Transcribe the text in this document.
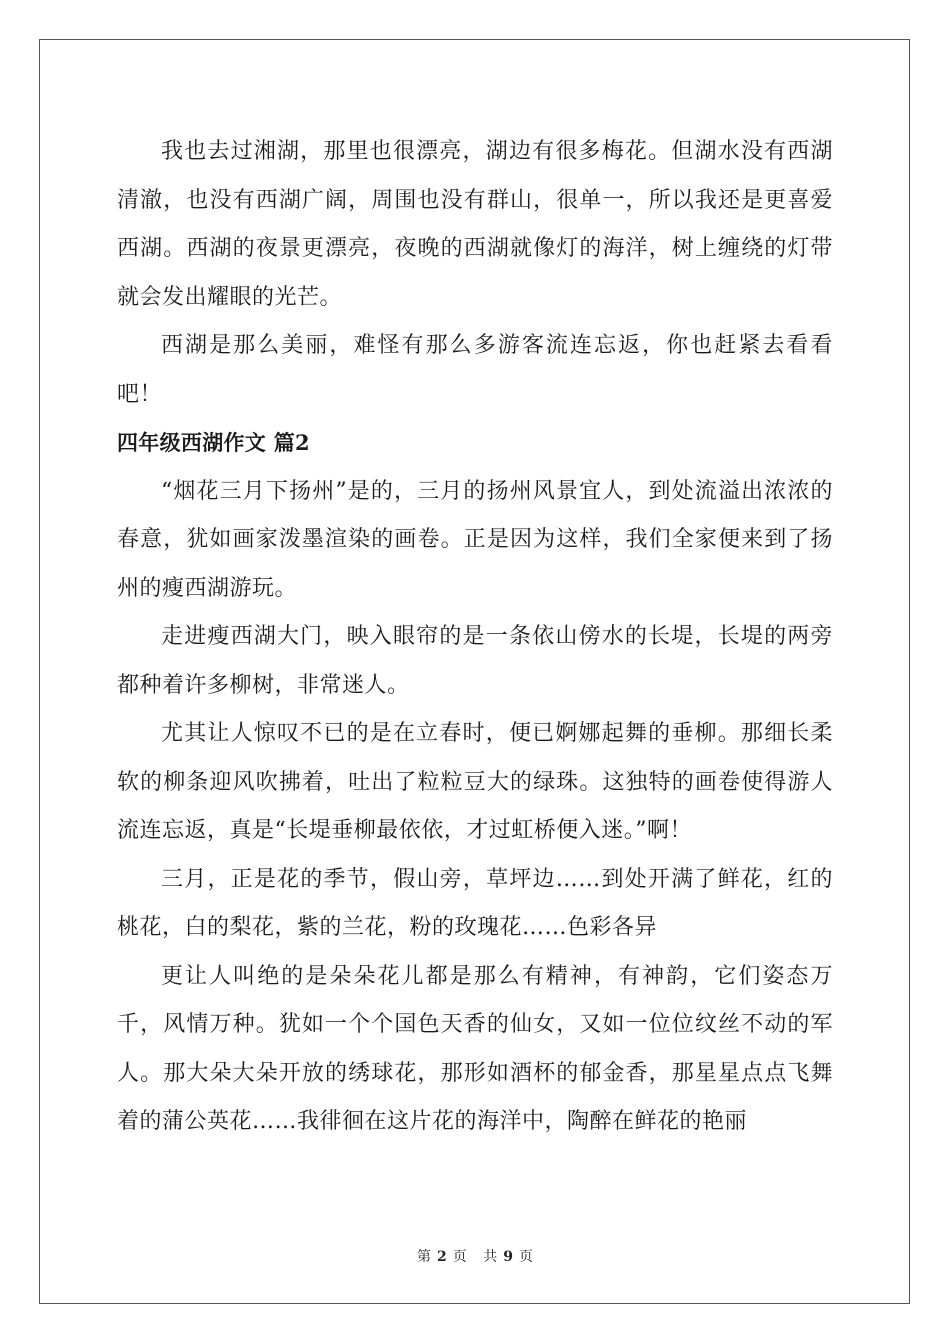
我也去过湘湖，那里也很漂亮，湖边有很多梅花。但湖水没有西湖清澈，也没有西湖广阔，周围也没有群山，很单一，所以我还是更喜爱西湖。西湖的夜景更漂亮，夜晚的西湖就像灯的海洋，树上缠绕的灯带就会发出耀眼的光芒。

西湖是那么美丽，难怪有那么多游客流连忘返，你也赶紧去看看吧！

四年级西湖作文 篇2

“烟花三月下扬州”是的，三月的扬州风景宜人，到处流溢出浓浓的春意，犹如画家泼墨渲染的画卷。正是因为这样，我们全家便来到了扬州的瘦西湖游玩。

走进瘦西湖大门，映入眼帘的是一条依山傍水的长堤，长堤的两旁都种着许多柳树，非常迷人。

尤其让人惊叹不已的是在立春时，便已婀娜起舞的垂柳。那细长柔软的柳条迎风吹拂着，吐出了粒粒豆大的绿珠。这独特的画卷使得游人流连忘返，真是“长堤垂柳最依依，才过虹桥便入迷。”啊！

三月，正是花的季节，假山旁，草坪边……到处开满了鲜花，红的桃花，白的梨花，紫的兰花，粉的玫瑰花……色彩各异

更让人叫绝的是朵朵花儿都是那么有精神，有神韵，它们姿态万千，风情万种。犹如一个个国色天香的仙女，又如一位位纹丝不动的军人。那大朵大朵开放的绣球花，那形如酒杯的郁金香，那星星点点飞舞着的蒲公英花……我徘徊在这片花的海洋中，陶醉在鲜花的艳丽

第 2 页 共 9 页
